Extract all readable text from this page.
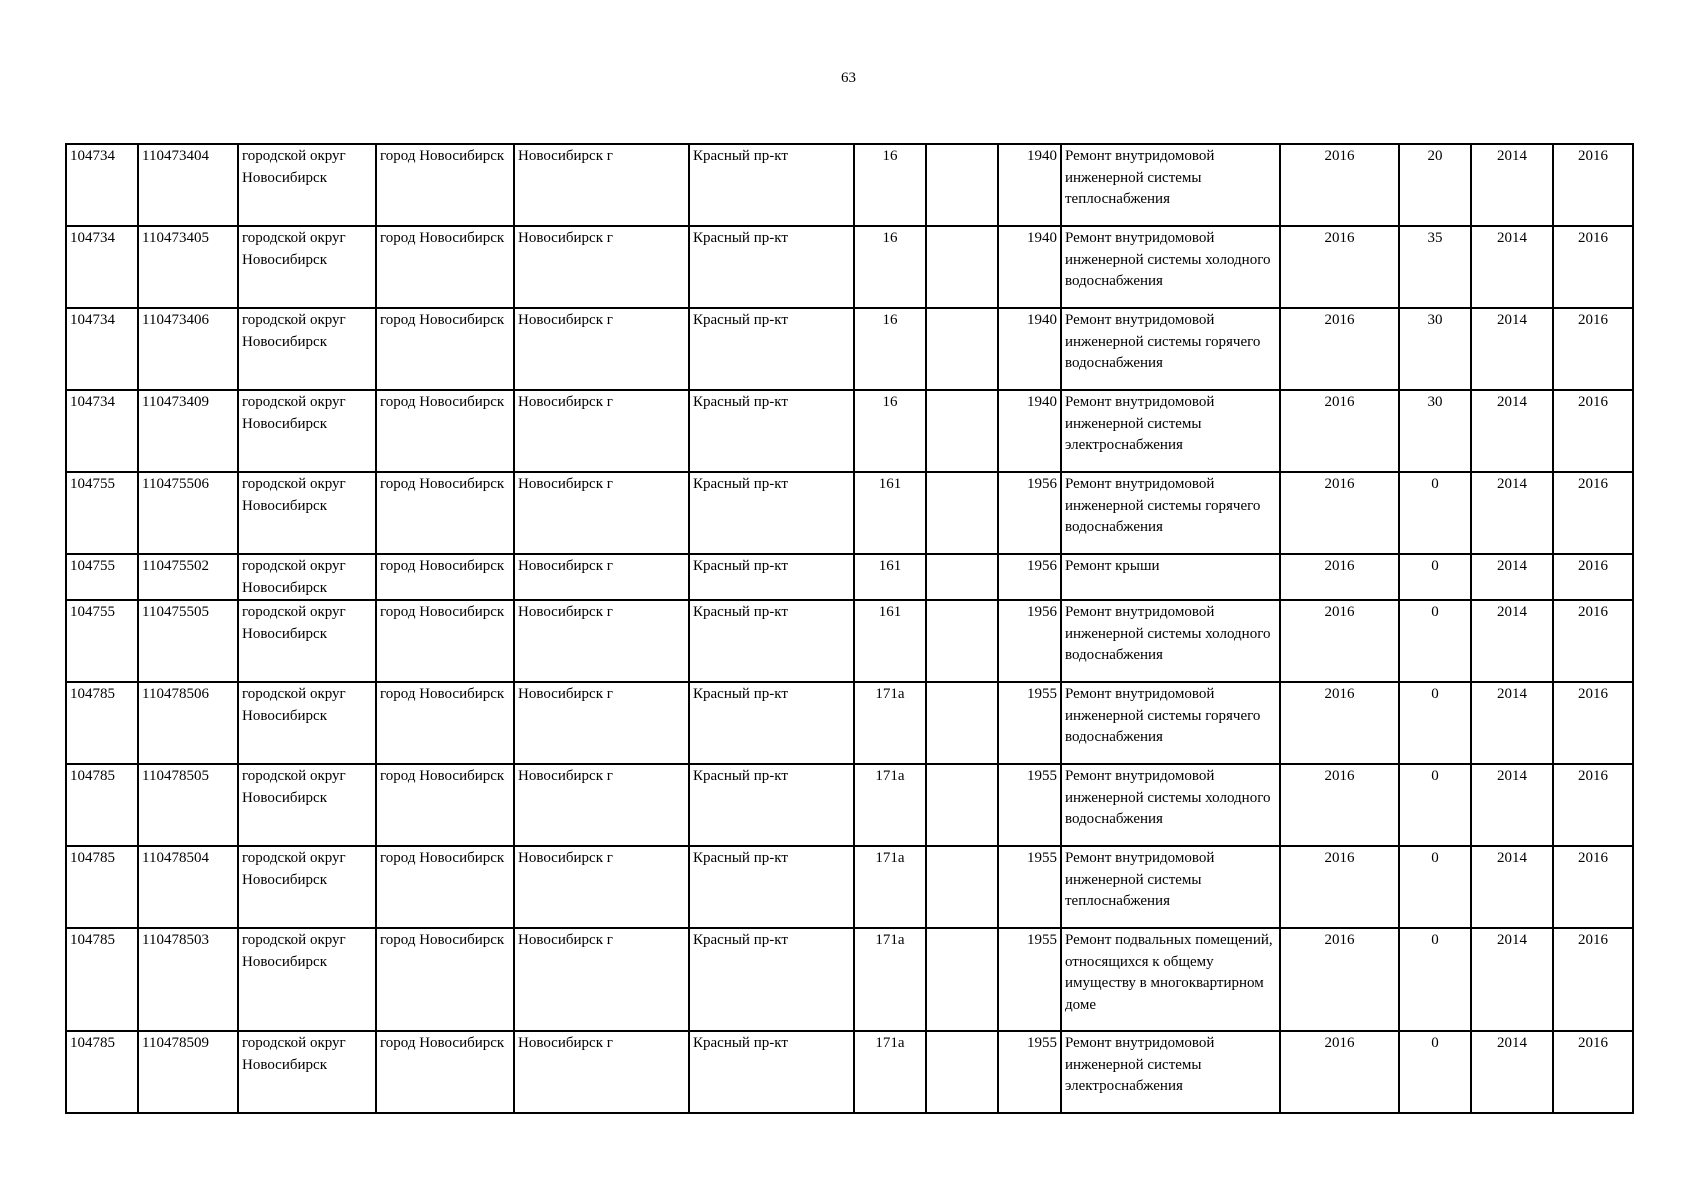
63
104734	110473404	городской округ Новосибирск	город Новосибирск	Новосибирск г	Красный пр-кт	16		1940	Ремонт внутридомовой инженерной системы теплоснабжения	2016	20	2014	2016
104734	110473405	городской округ Новосибирск	город Новосибирск	Новосибирск г	Красный пр-кт	16		1940	Ремонт внутридомовой инженерной системы холодного водоснабжения	2016	35	2014	2016
104734	110473406	городской округ Новосибирск	город Новосибирск	Новосибирск г	Красный пр-кт	16		1940	Ремонт внутридомовой инженерной системы горячего водоснабжения	2016	30	2014	2016
104734	110473409	городской округ Новосибирск	город Новосибирск	Новосибирск г	Красный пр-кт	16		1940	Ремонт внутридомовой инженерной системы электроснабжения	2016	30	2014	2016
104755	110475506	городской округ Новосибирск	город Новосибирск	Новосибирск г	Красный пр-кт	161		1956	Ремонт внутридомовой инженерной системы горячего водоснабжения	2016	0	2014	2016
104755	110475502	городской округ Новосибирск	город Новосибирск	Новосибирск г	Красный пр-кт	161		1956	Ремонт крыши	2016	0	2014	2016
104755	110475505	городской округ Новосибирск	город Новосибирск	Новосибирск г	Красный пр-кт	161		1956	Ремонт внутридомовой инженерной системы холодного водоснабжения	2016	0	2014	2016
104785	110478506	городской округ Новосибирск	город Новосибирск	Новосибирск г	Красный пр-кт	171а		1955	Ремонт внутридомовой инженерной системы горячего водоснабжения	2016	0	2014	2016
104785	110478505	городской округ Новосибирск	город Новосибирск	Новосибирск г	Красный пр-кт	171а		1955	Ремонт внутридомовой инженерной системы холодного водоснабжения	2016	0	2014	2016
104785	110478504	городской округ Новосибирск	город Новосибирск	Новосибирск г	Красный пр-кт	171а		1955	Ремонт внутридомовой инженерной системы теплоснабжения	2016	0	2014	2016
104785	110478503	городской округ Новосибирск	город Новосибирск	Новосибирск г	Красный пр-кт	171а		1955	Ремонт подвальных помещений, относящихся к общему имуществу в многоквартирном доме	2016	0	2014	2016
104785	110478509	городской округ Новосибирск	город Новосибирск	Новосибирск г	Красный пр-кт	171а		1955	Ремонт внутридомовой инженерной системы электроснабжения	2016	0	2014	2016
